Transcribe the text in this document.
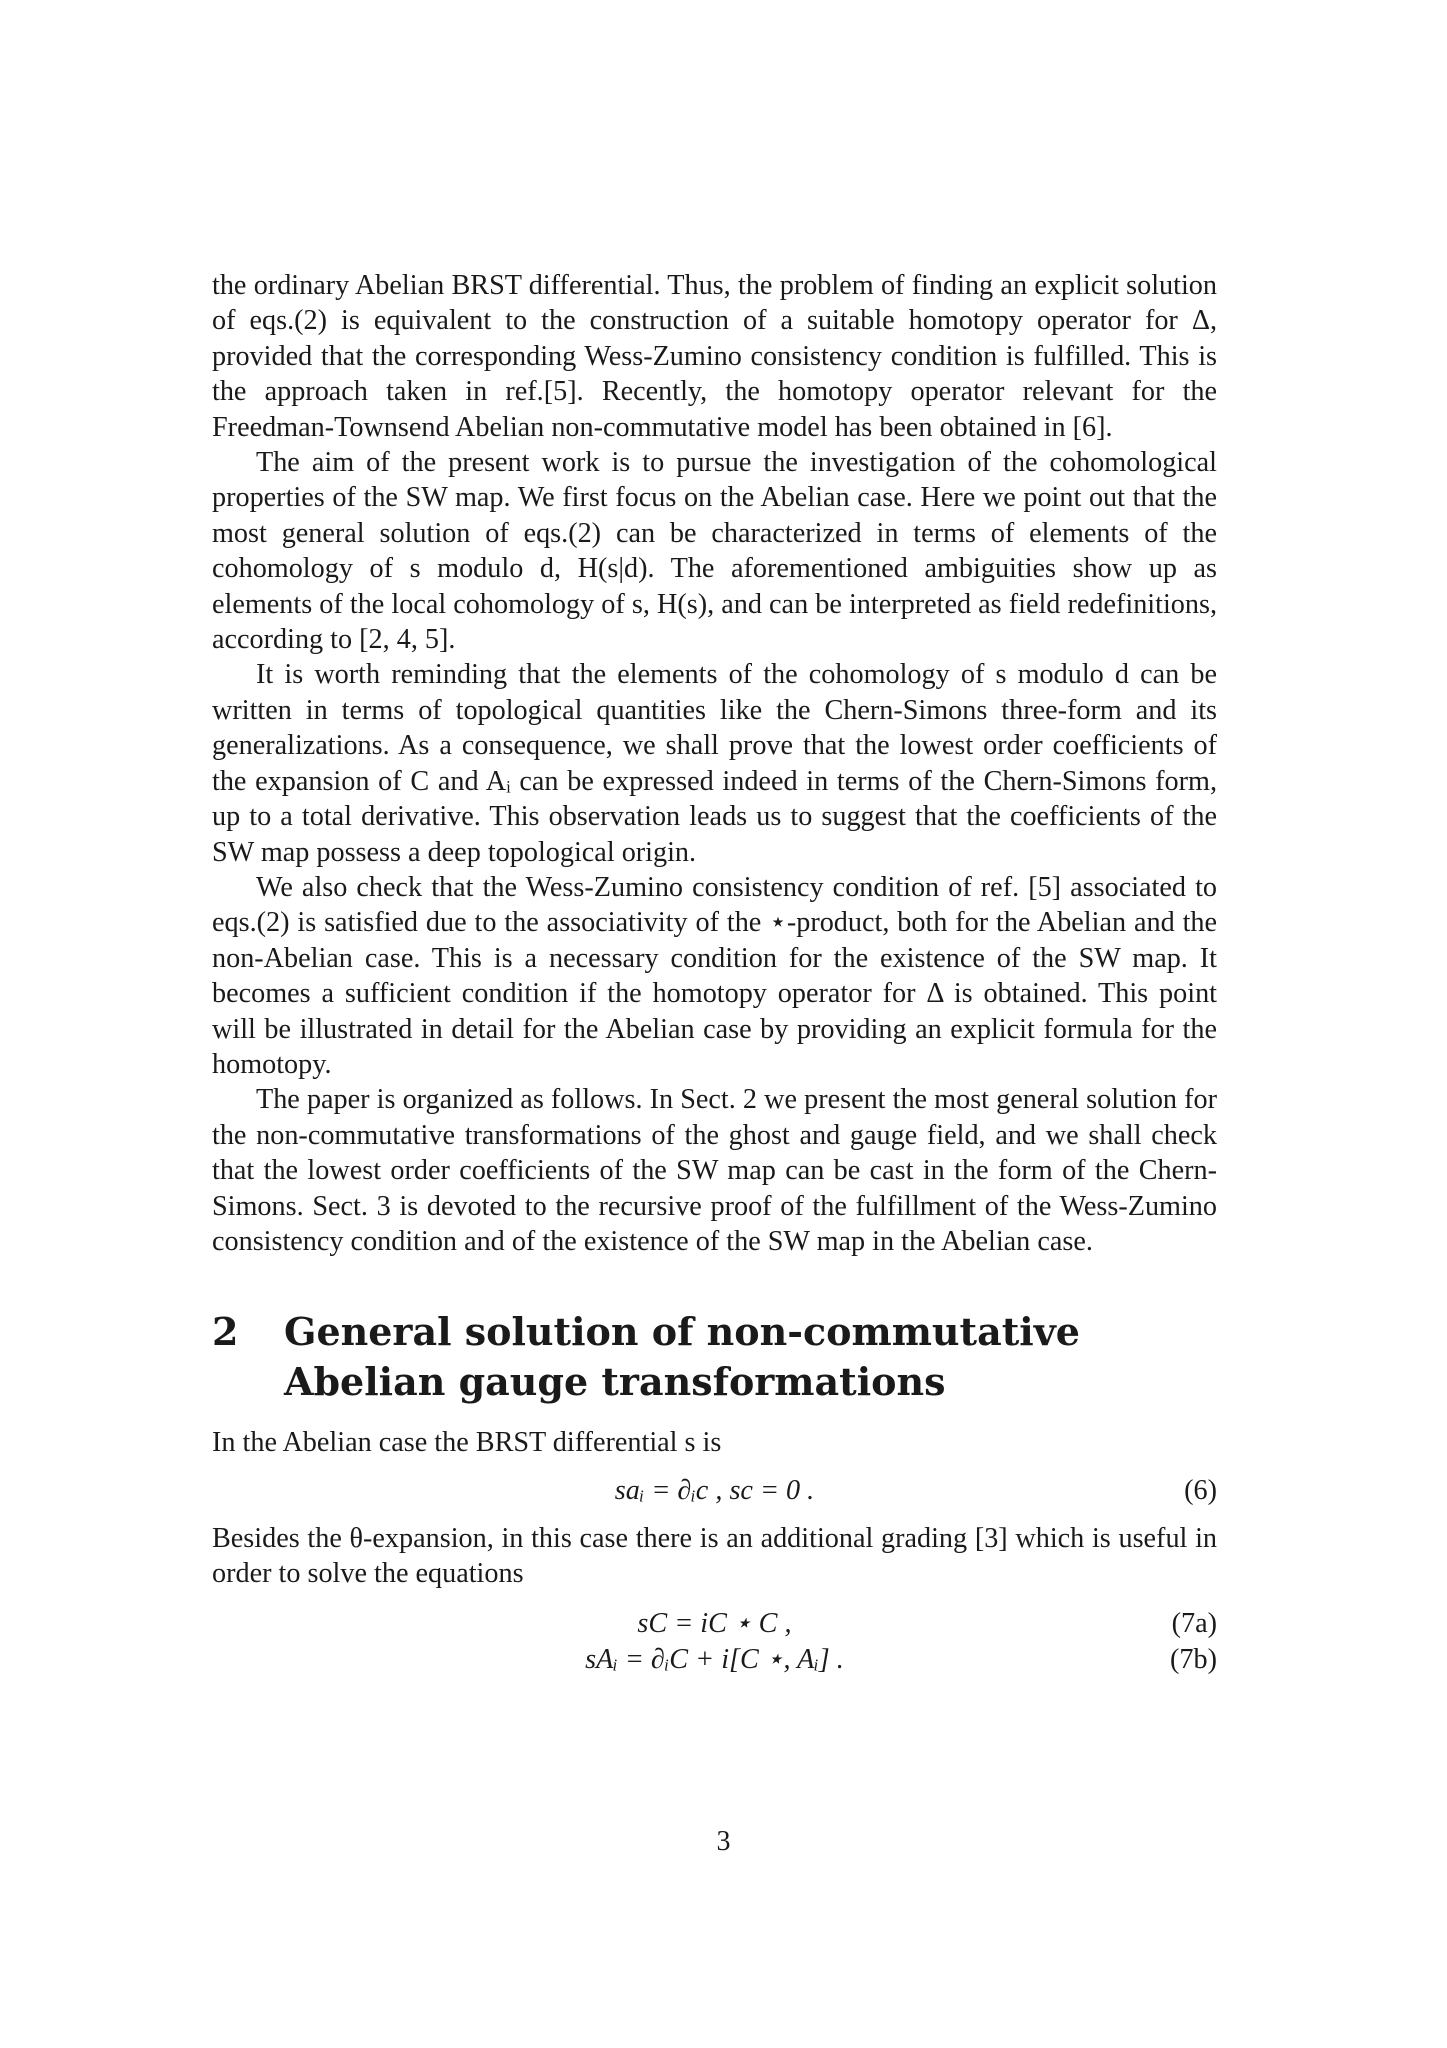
the ordinary Abelian BRST differential. Thus, the problem of finding an explicit solution of eqs.(2) is equivalent to the construction of a suitable homotopy operator for Δ, provided that the corresponding Wess-Zumino consistency condition is fulfilled. This is the approach taken in ref.[5]. Recently, the homotopy operator relevant for the Freedman-Townsend Abelian non-commutative model has been obtained in [6].

The aim of the present work is to pursue the investigation of the cohomological properties of the SW map. We first focus on the Abelian case. Here we point out that the most general solution of eqs.(2) can be characterized in terms of elements of the cohomology of s modulo d, H(s|d). The aforementioned ambiguities show up as elements of the local cohomology of s, H(s), and can be interpreted as field redefinitions, according to [2, 4, 5].

It is worth reminding that the elements of the cohomology of s modulo d can be written in terms of topological quantities like the Chern-Simons three-form and its generalizations. As a consequence, we shall prove that the lowest order coefficients of the expansion of C and Aᵢ can be expressed indeed in terms of the Chern-Simons form, up to a total derivative. This observation leads us to suggest that the coefficients of the SW map possess a deep topological origin.

We also check that the Wess-Zumino consistency condition of ref. [5] associated to eqs.(2) is satisfied due to the associativity of the ⋆-product, both for the Abelian and the non-Abelian case. This is a necessary condition for the existence of the SW map. It becomes a sufficient condition if the homotopy operator for Δ is obtained. This point will be illustrated in detail for the Abelian case by providing an explicit formula for the homotopy.

The paper is organized as follows. In Sect. 2 we present the most general solution for the non-commutative transformations of the ghost and gauge field, and we shall check that the lowest order coefficients of the SW map can be cast in the form of the Chern-Simons. Sect. 3 is devoted to the recursive proof of the fulfillment of the Wess-Zumino consistency condition and of the existence of the SW map in the Abelian case.

2	General solution of non-commutative Abelian gauge transformations

In the Abelian case the BRST differential s is

saᵢ = ∂ᵢc , sc = 0 .	(6)

Besides the θ-expansion, in this case there is an additional grading [3] which is useful in order to solve the equations

sC = iC ⋆ C ,	(7a)
sAᵢ = ∂ᵢC + i[C ⋆, Aᵢ] .	(7b)
3
